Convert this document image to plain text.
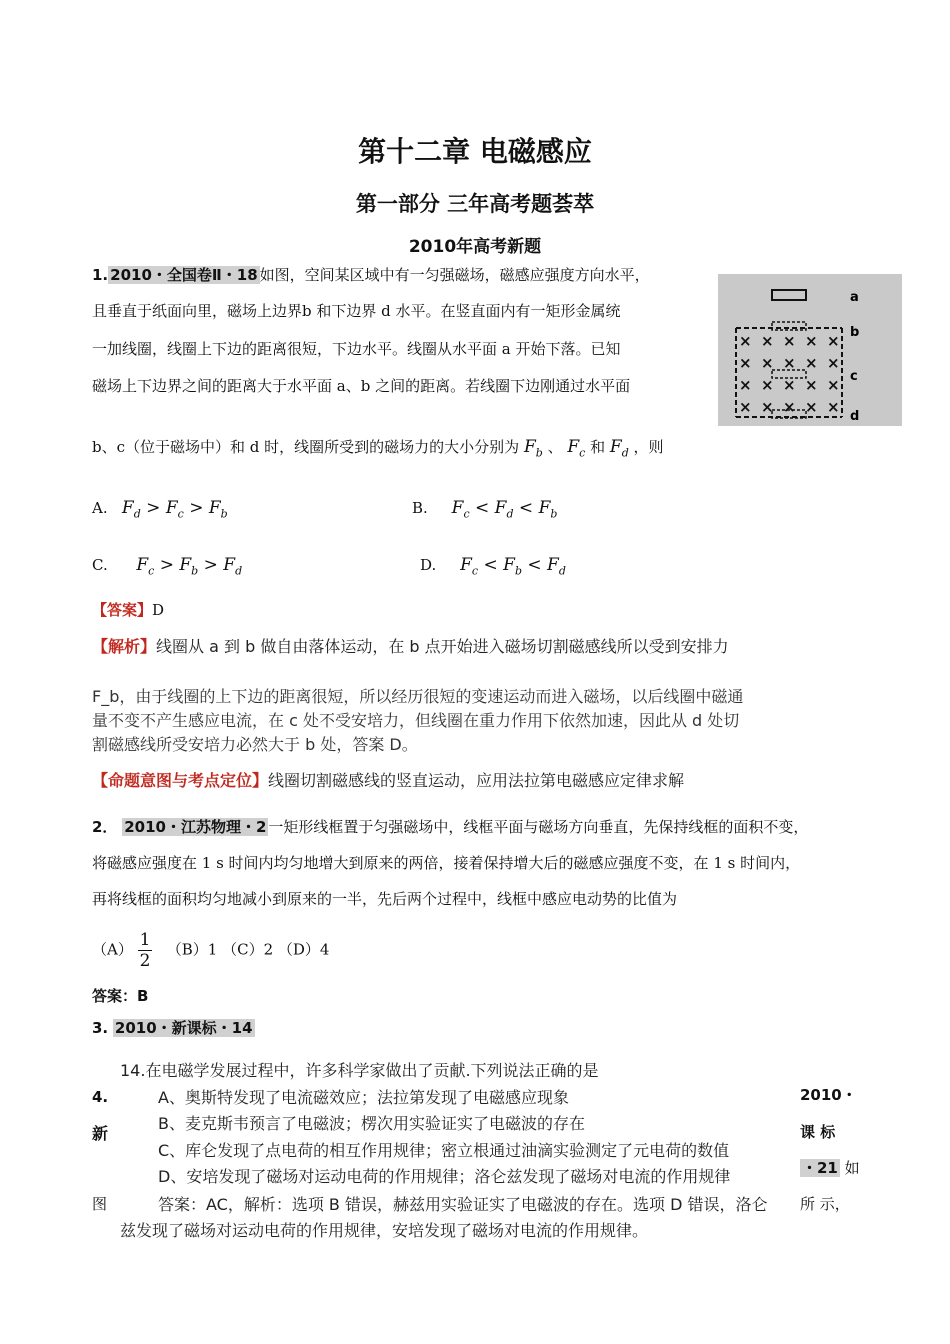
第十二章 电磁感应
第一部分 三年高考题荟萃
2010年高考新题
1. 2010・全国卷Ⅱ・18 如图，空间某区域中有一匀强磁场，磁感应强度方向水平，
且垂直于纸面向里，磁场上边界b 和下边界 d 水平。在竖直面内有一矩形金属统
一加线圈，线圈上下边的距离很短，下边水平。线圈从水平面 a 开始下落。已知
磁场上下边界之间的距离大于水平面 a、b 之间的距离。若线圈下边刚通过水平面
b、c（位于磁场中）和 d 时，线圈所受到的磁场力的大小分别为 $F_b$ 、 $F_c$ 和 $F_d$ ，则
× × × × ×
× × × × ×
× × × × ×
× × × × ×
a
b
c
d
A. $F_d > F_c > F_b$	B. $F_c < F_d < F_b$
C. $F_c > F_b > F_d$	D. $F_c < F_b < F_d$
【答案】D
【解析】线圈从 a 到 b 做自由落体运动，在 b 点开始进入磁场切割磁感线所以受到安排力
F_b，由于线圈的上下边的距离很短，所以经历很短的变速运动而进入磁场，以后线圈中磁通
量不变不产生感应电流，在 c 处不受安培力，但线圈在重力作用下依然加速，因此从 d 处切
割磁感线所受安培力必然大于 b 处，答案 D。
【命题意图与考点定位】线圈切割磁感线的竖直运动，应用法拉第电磁感应定律求解
2． 2010・江苏物理・2 一矩形线框置于匀强磁场中，线框平面与磁场方向垂直，先保持线框的面积不变，
将磁感应强度在 1 s 时间内均匀地增大到原来的两倍，接着保持增大后的磁感应强度不变，在 1 s 时间内，
再将线框的面积均匀地减小到原来的一半，先后两个过程中，线框中感应电动势的比值为
$(A) \frac{1}{2} (B)1$ （C）2 （D）4
答案：B
3. 2010・新课标・14
14.在电磁学发展过程中，许多科学家做出了贡献.下列说法正确的是
A、奥斯特发现了电流磁效应；法拉第发现了电磁感应现象
B、麦克斯韦预言了电磁波；楞次用实验证实了电磁波的存在
C、库仑发现了点电荷的相互作用规律；密立根通过油滴实验测定了元电荷的数值
D、安培发现了磁场对运动电荷的作用规律；洛仑兹发现了磁场对电流的作用规律
答案：AC，解析：选项 B 错误，赫兹用实验证实了电磁波的存在。选项 D 错误，洛仑
兹发现了磁场对运动电荷的作用规律，安培发现了磁场对电流的作用规律。
4.
新
图
2010・
课 标
・21 如
所 示，
